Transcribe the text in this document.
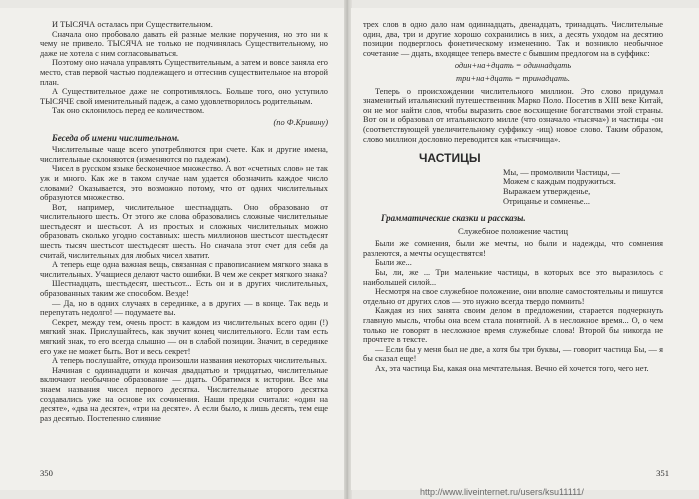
И ТЫСЯЧА осталась при Существительном.

Сначала оно пробовало давать ей разные мелкие поручения, но это ни к чему не привело. ТЫСЯЧА не только не подчинялась Существительному, но даже не хотела с ним согласовываться.

Поэтому оно начала управлять Существительным, а затем и вовсе заняла его место, став первой частью подлежащего и оттеснив существительное на второй план.

А Существительное даже не сопротивлялось. Больше того, оно уступило ТЫСЯЧЕ свой именительный падеж, а само удовлетворилось родительным.

Так оно склонилось перед ее количеством.

(по Ф.Кривину)

Беседа об имени числительном.

Числительные чаще всего употребляются при счете. Как и другие имена, числительные склоняются (изменяются по падежам).

Чисел в русском языке бесконечное множество. А вот «счетных слов» не так уж и много. Как же в таком случае нам удается обозначить каждое число словами? Оказывается, это возможно потому, что от одних числительных образуются множество.

Вот, например, числительное шестнадцать. Оно образовано от числительного шесть. От этого же слова образовались сложные числительные шестьдесят и шестьсот. А из простых и сложных числительных можно образовать сколько угодно составных: шесть миллионов шестьсот шестьдесят шесть тысяч шестьсот шестьдесят шесть. Но сначала этот счет для себя да считай, числительных для любых чисел хватит.

А теперь еще одна важная вещь, связанная с правописанием мягкого знака в числительных. Учащиеся делают часто ошибки. В чем же секрет мягкого знака?

Шестнадцать, шестьдесят, шестьсот... Есть он и в других числительных, образованных таким же способом. Везде!

— Да, но в одних случаях в серединке, а в других — в конце. Так ведь и перепутать недолго! — подумаете вы.

Секрет, между тем, очень прост: в каждом из числительных всего один (!) мягкий знак. Прислушайтесь, как звучит конец числительного. Если там есть мягкий знак, то его всегда слышно — он в слабой позиции. Значит, в серединке его уже не может быть. Вот и весь секрет!

А теперь послушайте, откуда произошли названия некоторых числительных.

Начиная с одиннадцати и кончая двадцатью и тридцатью, числительные включают необычное образование — дцать. Обратимся к истории. Все мы знаем названия чисел первого десятка. Числительные второго десятка создавались уже на основе их сочинения. Наши предки считали: «один на десяте», «два на десяте», «три на десяте». А если было, к лишь десять, тем еще раз десятью. Постепенно слияние

350

трех слов в одно дало нам одиннадцать, двенадцать, тринадцать. Числительные один, два, три и другие хорошо сохранились в них, а десять уходом на десятию позиции подверглось фонетическому изменению. Так и возникло необычное сочетание — дцать, входящее теперь вместе с бывшим предлогом на в суффикс:

один+на+дцать = одиннадцать

три+на+дцать = тринадцать.

Теперь о происхождении числительного миллион. Это слово придумал знаменитый итальянский путешественник Марко Поло. Посетив в XIII веке Китай, он не мог найти слов, чтобы выразить свое восхищение богатствами этой страны. Вот он и образовал от итальянского милле (что означало «тысяча») и частицы -он (соответствующей увеличительному суффиксу -ищ) новое слово. Таким образом, слово миллион дословно переводится как «тысячища».

ЧАСТИЦЫ

Мы, — промолвили Частицы, —

Можем с каждым подружиться.

Выражаем утвержденье,

Отрицанье и сомненье...

Грамматические сказки и рассказы.

Служебное положение частиц

Были же сомнения, были же мечты, но были и надежды, что сомнения разлеются, а мечты осуществятся!

Были же...

Бы, ли, же ... Три маленькие частицы, в которых все это выразилось с наибольшей силой...

Несмотря на свое служебное положение, они вполне самостоятельны и пишутся отдельно от других слов — это нужно всегда твердо помнить!

Каждая из них занята своим делом в предложении, старается подчеркнуть главную мысль, чтобы она всем стала понятной. А в несложное время... О, о чем только не говорят в несложное время служебные слова! Второй бы никогда не прочтете в тексте.

— Если бы у меня был не две, а хотя бы три буквы, — говорит частица Бы, — я бы сказал еще!

Ах, эта частица Бы, какая она мечтательная. Вечно ей хочется того, чего нет.

351
http://www.liveinternet.ru/users/ksu11111/
